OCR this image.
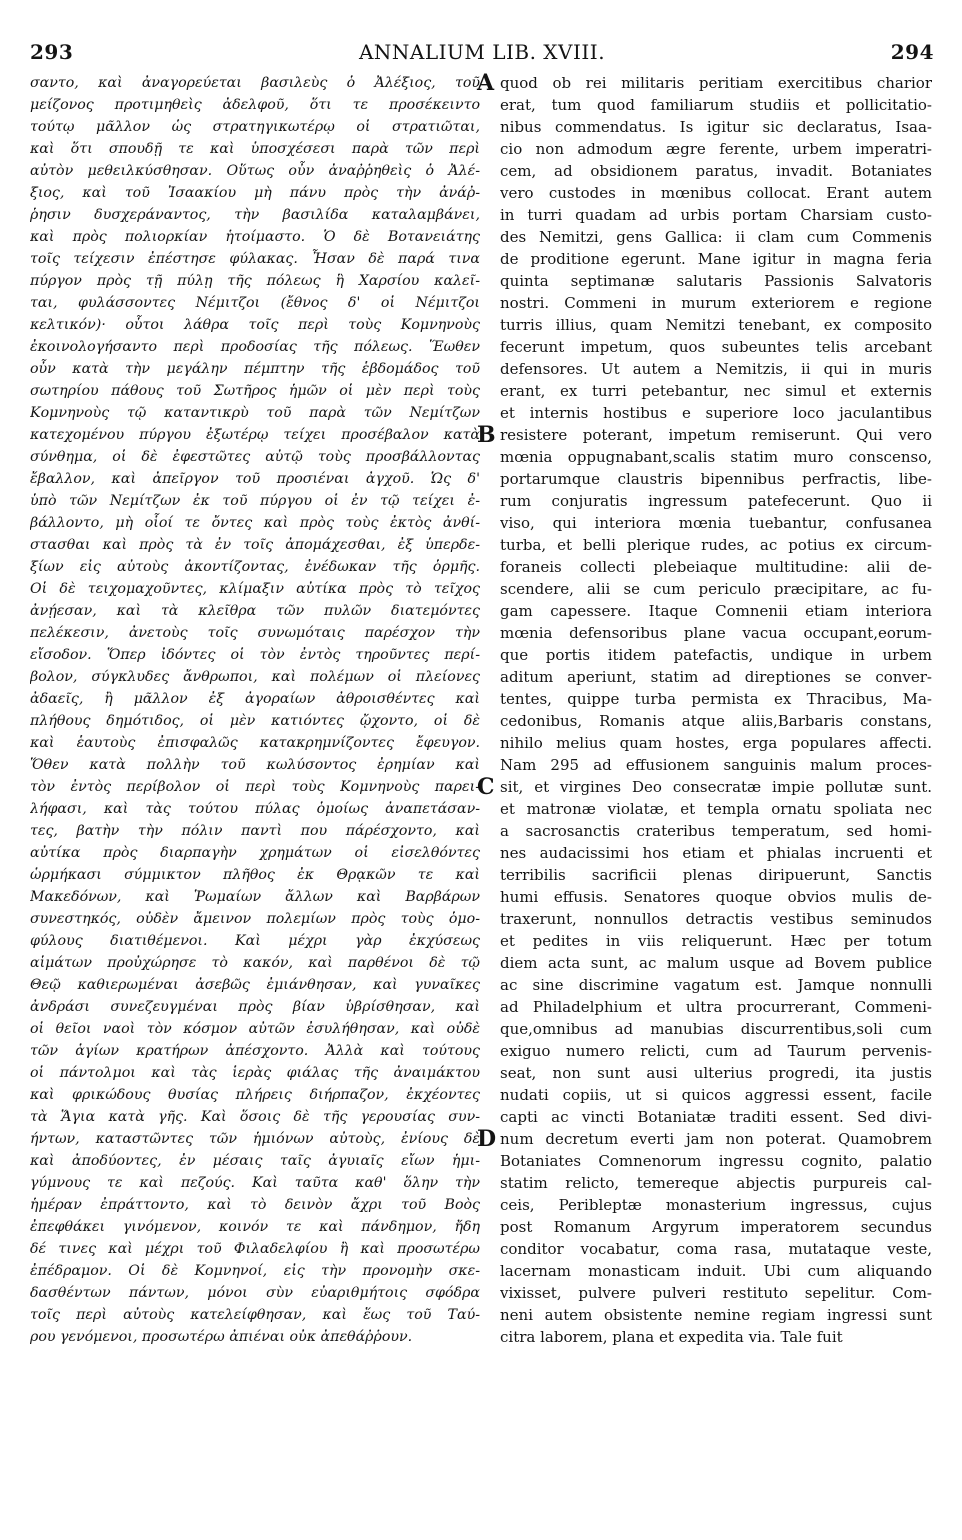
293	ANNALIUM LIB. XVIII.	294
σαντο, καὶ ἀναγορεύεται βασιλεὺς ὁ Ἀλέξιος, τοῦ
μείζονος προτιμηθεὶς ἀδελφοῦ, ὅτι τε προσέκειντο
τούτῳ μᾶλλον ὡς στρατηγικωτέρῳ οἱ στρατιῶται,
καὶ ὅτι σπουδῇ τε καὶ ὑποσχέσεσι παρὰ τῶν περὶ
αὐτὸν μεθειλκύσθησαν. Οὕτως οὖν ἀναῤῥηθεὶς ὁ Ἀλέ-
ξιος, καὶ τοῦ Ἰσαακίου μὴ πάνυ πρὸς τὴν ἀνάῤ-
ῥησιν δυσχεράναντος, τὴν βασιλίδα καταλαμβάνει,
καὶ πρὸς πολιορκίαν ἡτοίμαστο. Ὁ δὲ Βοτανειάτης
τοῖς τείχεσιν ἐπέστησε φύλακας. Ἦσαν δὲ παρά τινα
πύργον πρὸς τῇ πύλῃ τῆς πόλεως ἣ Χαρσίου καλεῖ-
ται, φυλάσσοντες Νέμιτζοι (ἔθνος δ' οἱ Νέμιτζοι
κελτικόν)· οὗτοι λάθρα τοῖς περὶ τοὺς Κομνηνοὺς
ἐκοινολογήσαντο περὶ προδοσίας τῆς πόλεως. Ἕωθεν
οὖν κατὰ τὴν μεγάλην πέμπτην τῆς ἑβδομάδος τοῦ
σωτηρίου πάθους τοῦ Σωτῆρος ἡμῶν οἱ μὲν περὶ τοὺς
Κομνηνοὺς τῷ καταντικρὺ τοῦ παρὰ τῶν Νεμίτζων
κατεχομένου πύργου ἐξωτέρῳ τείχει προσέβαλον κατὰ
σύνθημα, οἱ δὲ ἐφεστῶτες αὐτῷ τοὺς προσβάλλοντας
ἔβαλλον, καὶ ἀπεῖργον τοῦ προσιέναι ἀγχοῦ. Ὡς δ'
ὑπὸ τῶν Νεμίτζων ἐκ τοῦ πύργου οἱ ἐν τῷ τείχει ἐ-
βάλλοντο, μὴ οἷοί τε ὄντες καὶ πρὸς τοὺς ἐκτὸς ἀνθί-
στασθαι καὶ πρὸς τὰ ἐν τοῖς ἀπομάχεσθαι, ἐξ ὑπερδε-
ξίων εἰς αὐτοὺς ἀκοντίζοντας, ἐνέδωκαν τῆς ὁρμῆς.
Οἱ δὲ τειχομαχοῦντες, κλίμαξιν αὐτίκα πρὸς τὸ τεῖχος
ἀνῄεσαν, καὶ τὰ κλεῖθρα τῶν πυλῶν διατεμόντες
πελέκεσιν, ἀνετοὺς τοῖς συνωμόταις παρέσχον τὴν
εἴσοδον. Ὅπερ ἰδόντες οἱ τὸν ἐντὸς τηροῦντες περί-
βολον, σύγκλυδες ἄνθρωποι, καὶ πολέμων οἱ πλείονες
ἀδαεῖς, ἢ μᾶλλον ἐξ ἀγοραίων ἀθροισθέντες καὶ
πλήθους δημότιδος, οἱ μὲν κατιόντες ᾤχοντο, οἱ δὲ
καὶ ἑαυτοὺς ἐπισφαλῶς κατακρημνίζοντες ἔφευγον.
Ὅθεν κατὰ πολλὴν τοῦ κωλύσοντος ἐρημίαν καὶ
τὸν ἐντὸς περίβολον οἱ περὶ τοὺς Κομνηνοὺς παρει-
λήφασι, καὶ τὰς τούτου πύλας ὁμοίως ἀναπετάσαν-
τες, βατὴν τὴν πόλιν παντὶ που πάρέσχοντο, καὶ
αὐτίκα πρὸς διαρπαγὴν χρημάτων οἱ εἰσελθόντες
ὡρμήκασι σύμμικτον πλῆθος ἐκ Θρᾳκῶν τε καὶ
Μακεδόνων, καὶ Ῥωμαίων ἄλλων καὶ Βαρβάρων
συνεστηκός, οὐδὲν ἄμεινον πολεμίων πρὸς τοὺς ὁμο-
φύλους διατιθέμενοι. Καὶ μέχρι γὰρ ἐκχύσεως
αἱμάτων προὐχώρησε τὸ κακόν, καὶ παρθένοι δὲ τῷ
Θεῷ καθιερωμέναι ἀσεβῶς ἐμιάνθησαν, καὶ γυναῖκες
ἀνδράσι συνεζευγμέναι πρὸς βίαν ὑβρίσθησαν, καὶ
οἱ θεῖοι ναοὶ τὸν κόσμον αὐτῶν ἐσυλήθησαν, καὶ οὐδὲ
τῶν ἁγίων κρατήρων ἀπέσχοντο. Ἀλλὰ καὶ τούτους
οἱ πάντολμοι καὶ τὰς ἱερὰς φιάλας τῆς ἀναιμάκτου
καὶ φρικώδους θυσίας πλήρεις διήρπαζον, ἐκχέοντες
τὰ Ἅγια κατὰ γῆς. Καὶ ὅσοις δὲ τῆς γερουσίας συν-
ήντων, καταστῶντες τῶν ἡμιόνων αὐτοὺς, ἐνίους δὲ
καὶ ἀποδύοντες, ἐν μέσαις ταῖς ἀγυιαῖς εἴων ἡμι-
γύμνους τε καὶ πεζούς. Καὶ ταῦτα καθ' ὅλην τὴν
ἡμέραν ἐπράττοντο, καὶ τὸ δεινὸν ἄχρι τοῦ Βοὸς
ἐπεφθάκει γινόμενον, κοινόν τε καὶ πάνδημον, ἤδη
δέ τινες καὶ μέχρι τοῦ Φιλαδελφίου ἢ καὶ προσωτέρω
ἐπέδραμον. Οἱ δὲ Κομνηνοί, εἰς τὴν προνομὴν σκε-
δασθέντων πάντων, μόνοι σὺν εὐαριθμήτοις σφόδρα
τοῖς περὶ αὐτοὺς κατελείφθησαν, καὶ ἕως τοῦ Ταύ-
ρου γενόμενοι, προσωτέρω ἀπιέναι οὐκ ἀπεθάῤῥουν.
quod ob rei militaris peritiam exercitibus charior
erat, tum quod familiarum studiis et pollicitatio-
nibus commendatus. Is igitur sic declaratus, Isaa-
cio non admodum ægre ferente, urbem imperatri-
cem, ad obsidionem paratus, invadit. Botaniates
vero custodes in mœnibus collocat. Erant autem
in turri quadam ad urbis portam Charsiam custo-
des Nemitzi, gens Gallica: ii clam cum Commenis
de proditione egerunt. Mane igitur in magna feria
quinta septimanæ salutaris Passionis Salvatoris
nostri. Commeni in murum exteriorem e regione
turris illius, quam Nemitzi tenebant, ex composito
fecerunt impetum, quos subeuntes telis arcebant
defensores. Ut autem a Nemitzis, ii qui in muris
erant, ex turri petebantur, nec simul et externis
et internis hostibus e superiore loco jaculantibus
resistere poterant, impetum remiserunt. Qui vero
mœnia oppugnabant,scalis statim muro conscenso,
portarumque claustris bipennibus perfractis, libe-
rum conjuratis ingressum patefecerunt. Quo ii
viso, qui interiora mœnia tuebantur, confusanea
turba, et belli plerique rudes, ac potius ex circum-
foraneis collecti plebeiaque multitudine: alii de-
scendere, alii se cum periculo præcipitare, ac fu-
gam capessere. Itaque Comnenii etiam interiora
mœnia defensoribus plane vacua occupant,eorum-
que portis itidem patefactis, undique in urbem
aditum aperiunt, statim ad direptiones se conver-
tentes, quippe turba permista ex Thracibus, Ma-
cedonibus, Romanis atque aliis,Barbaris constans,
nihilo melius quam hostes, erga populares affecti.
Nam 295 ad effusionem sanguinis malum proces-
sit, et virgines Deo consecratæ impie pollutæ sunt.
et matronæ violatæ, et templa ornatu spoliata nec
a sacrosanctis crateribus temperatum, sed homi-
nes audacissimi hos etiam et phialas incruenti et
terribilis sacrificii plenas diripuerunt, Sanctis
humi effusis. Senatores quoque obvios mulis de-
traxerunt, nonnullos detractis vestibus seminudos
et pedites in viis reliquerunt. Hæc per totum
diem acta sunt, ac malum usque ad Bovem publice
ac sine discrimine vagatum est. Jamque nonnulli
ad Philadelphium et ultra procurrerant, Commeni-
que,omnibus ad manubias discurrentibus,soli cum
exiguo numero relicti, cum ad Taurum pervenis-
seat, non sunt ausi ulterius progredi, ita justis
nudati copiis, ut si quicos aggressi essent, facile
capti ac vincti Botaniatæ traditi essent. Sed divi-
num decretum everti jam non poterat. Quamobrem
Botaniates Comnenorum ingressu cognito, palatio
statim relicto, temereque abjectis purpureis cal-
ceis, Peribleptæ monasterium ingressus, cujus
post Romanum Argyrum imperatorem secundus
conditor vocabatur, coma rasa, mutataque veste,
lacernam monasticam induit. Ubi cum aliquando
vixisset, pulvere pulveri restituto sepelitur. Com-
neni autem obsistente nemine regiam ingressi sunt
citra laborem, plana et expedita via. Tale fuit
A
B
C
D
